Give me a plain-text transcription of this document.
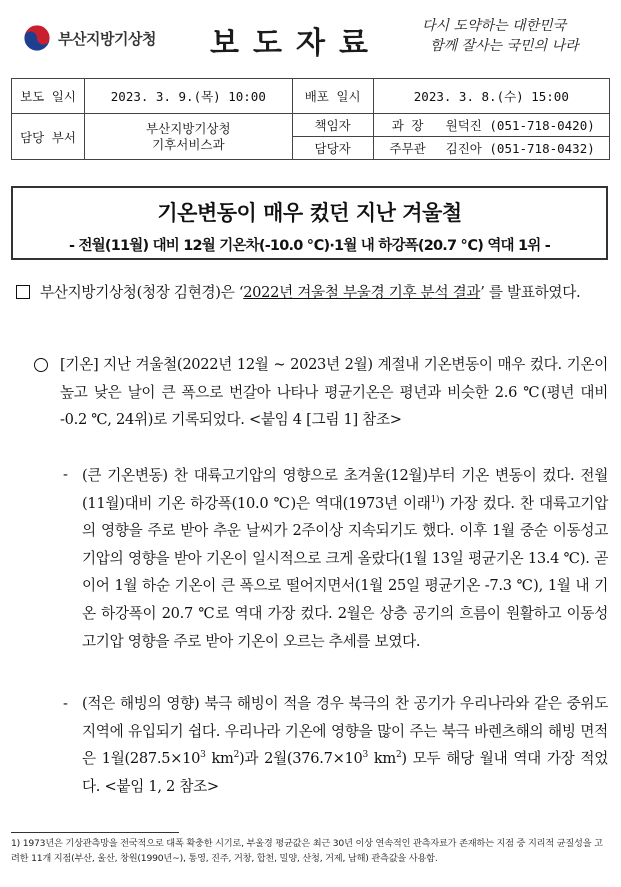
부산지방기상청 보도자료	다시 도약하는 대한민국
함께 잘사는 국민의 나라
보도 일시	2023. 3. 9.(목) 10:00	배포 일시	2023. 3. 8.(수) 15:00	
담당 부서	부산지방기상청
기후서비스과	책임자	과 장	원덕진 (051-718-0420)
		담당자	주무관	김진아 (051-718-0432)
기온변동이 매우 컸던 지난 겨울철
- 전월(11월) 대비 12월 기온차(-10.0 ℃)·1월 내 하강폭(20.7 ℃) 역대 1위 -
부산지방기상청(청장 김현경)은 ‘2022년 겨울철 부울경 기후 분석 결과’ 를 발표하였다.
[기온] 지난 겨울철(2022년 12월 ~ 2023년 2월) 계절내 기온변동이 매우 컸다. 기온이 높고 낮은 날이 큰 폭으로 번갈아 나타나 평균기온은 평년과 비슷한 2.6 ℃(평년 대비 -0.2 ℃, 24위)로 기록되었다. <붙임 4 [그림 1] 참조>
- (큰 기온변동) 찬 대륙고기압의 영향으로 초겨울(12월)부터 기온 변동이 컸다. 전월(11월)대비 기온 하강폭(10.0 ℃)은 역대(1973년 이래$^{1)}$) 가장 컸다. 찬 대륙고기압의 영향을 주로 받아 추운 날씨가 2주이상 지속되기도 했다. 이후 1월 중순 이동성고기압의 영향을 받아 기온이 일시적으로 크게 올랐다(1월 13일 평균기온 13.4 ℃). 곧이어 1월 하순 기온이 큰 폭으로 떨어지면서(1월 25일 평균기온 -7.3 ℃), 1월 내 기온 하강폭이 20.7 ℃로 역대 가장 컸다. 2월은 상층 공기의 흐름이 원활하고 이동성고기압 영향을 주로 받아 기온이 오르는 추세를 보였다.
- (적은 해빙의 영향) 북극 해빙이 적을 경우 북극의 찬 공기가 우리나라와 같은 중위도 지역에 유입되기 쉽다. 우리나라 기온에 영향을 많이 주는 북극 바렌츠해의 해빙 면적은 1월($287.5\times 10^3$ $km^2$)과 2월($376.7\times 10^3$ $km^2$) 모두 해당 월내 역대 가장 적었다. <붙임 1, 2 참조>
1) 1973년은 기상관측망을 전국적으로 대폭 확충한 시기로, 부울경 평균값은 최근 30년 이상 연속적인 관측자료가 존재하는 지점 중 지리적 균질성을 고려한 11개 지점(부산, 울산, 창원(1990년~), 통영, 진주, 거창, 합천, 밀양, 산청, 거제, 남해) 관측값을 사용함.
